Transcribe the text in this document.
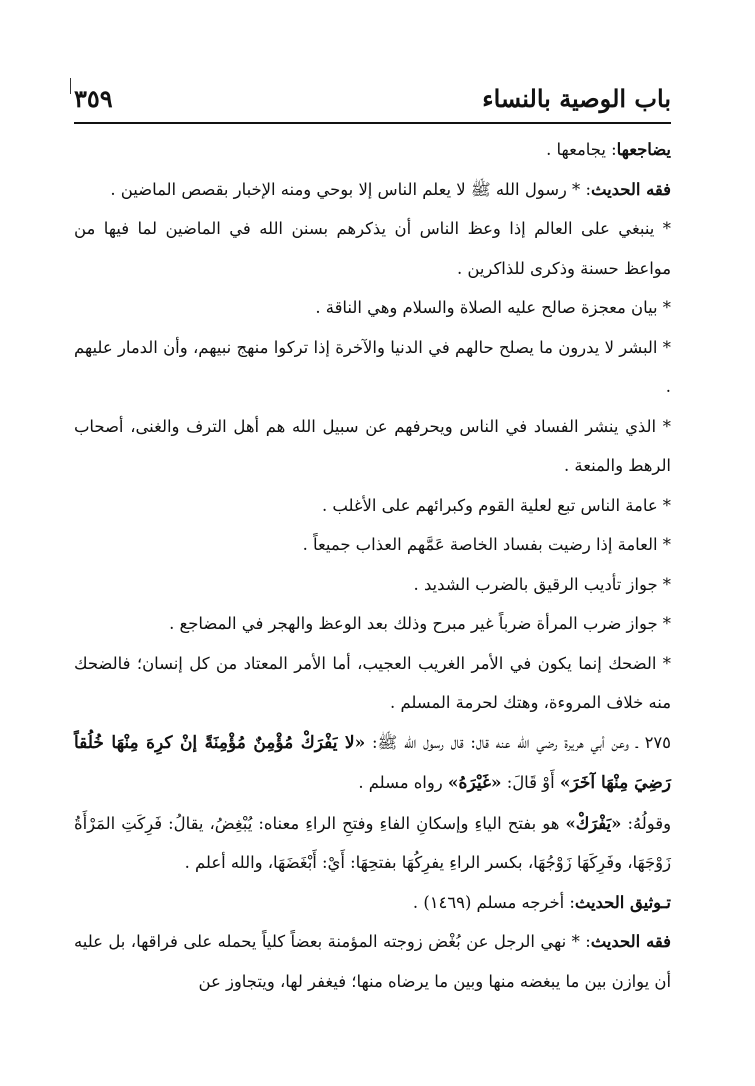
باب الوصية بالنساء
٣٥٩

يضاجعها: يجامعها .

فقه الحديث: * رسول الله ﷺ لا يعلم الناس إلا بوحي ومنه الإخبار بقصص الماضين .

* ينبغي على العالم إذا وعظ الناس أن يذكرهم بسنن الله في الماضين لما فيها من مواعظ حسنة وذكرى للذاكرين .

* بيان معجزة صالح عليه الصلاة والسلام وهي الناقة .

* البشر لا يدرون ما يصلح حالهم في الدنيا والآخرة إذا تركوا منهج نبيهم، وأن الدمار عليهم .

* الذي ينشر الفساد في الناس ويحرفهم عن سبيل الله هم أهل الترف والغنى، أصحاب الرهط والمنعة .

* عامة الناس تبع لعلية القوم وكبرائهم على الأغلب .

* العامة إذا رضيت بفساد الخاصة عَمَّهم العذاب جميعاً .

* جواز تأديب الرقيق بالضرب الشديد .

* جواز ضرب المرأة ضرباً غير مبرح وذلك بعد الوعظ والهجر في المضاجع .

* الضحك إنما يكون في الأمر الغريب العجيب، أما الأمر المعتاد من كل إنسان؛ فالضحك منه خلاف المروءة، وهتك لحرمة المسلم .

٢٧٥ ـ وعن أبي هريرة رضي الله عنه قال: قال رسول الله ﷺ: «لا يَفْرَكْ مُؤْمِنٌ مُؤْمِنَةً إنْ كرِهَ مِنْهَا خُلُقاً رَضِيَ مِنْهَا آخَرَ» أَوْ قَالَ: «غَيْرَهُ» رواه مسلم .

وقولُهُ: «يَفْرَكْ» هو بفتح الياءِ وإسكانِ الفاءِ وفتحِ الراءِ معناه: يُبْغِضُ، يقالُ: فَرِكَتِ المَرْأَةُ زَوْجَهَا، وفَرِكَهَا زَوْجُهَا، بكسر الراءِ يفرِكُهَا بفتحِهَا: أَيْ: أَبْغَضَهَا، والله أعلم .

تـوثيق الحديث: أخرجه مسلم (١٤٦٩) .

فقه الحديث: * نهي الرجل عن بُغْض زوجته المؤمنة بعضاً كلياً يحمله على فراقها، بل عليه أن يوازن بين ما يبغضه منها وبين ما يرضاه منها؛ فيغفر لها، ويتجاوز عن
